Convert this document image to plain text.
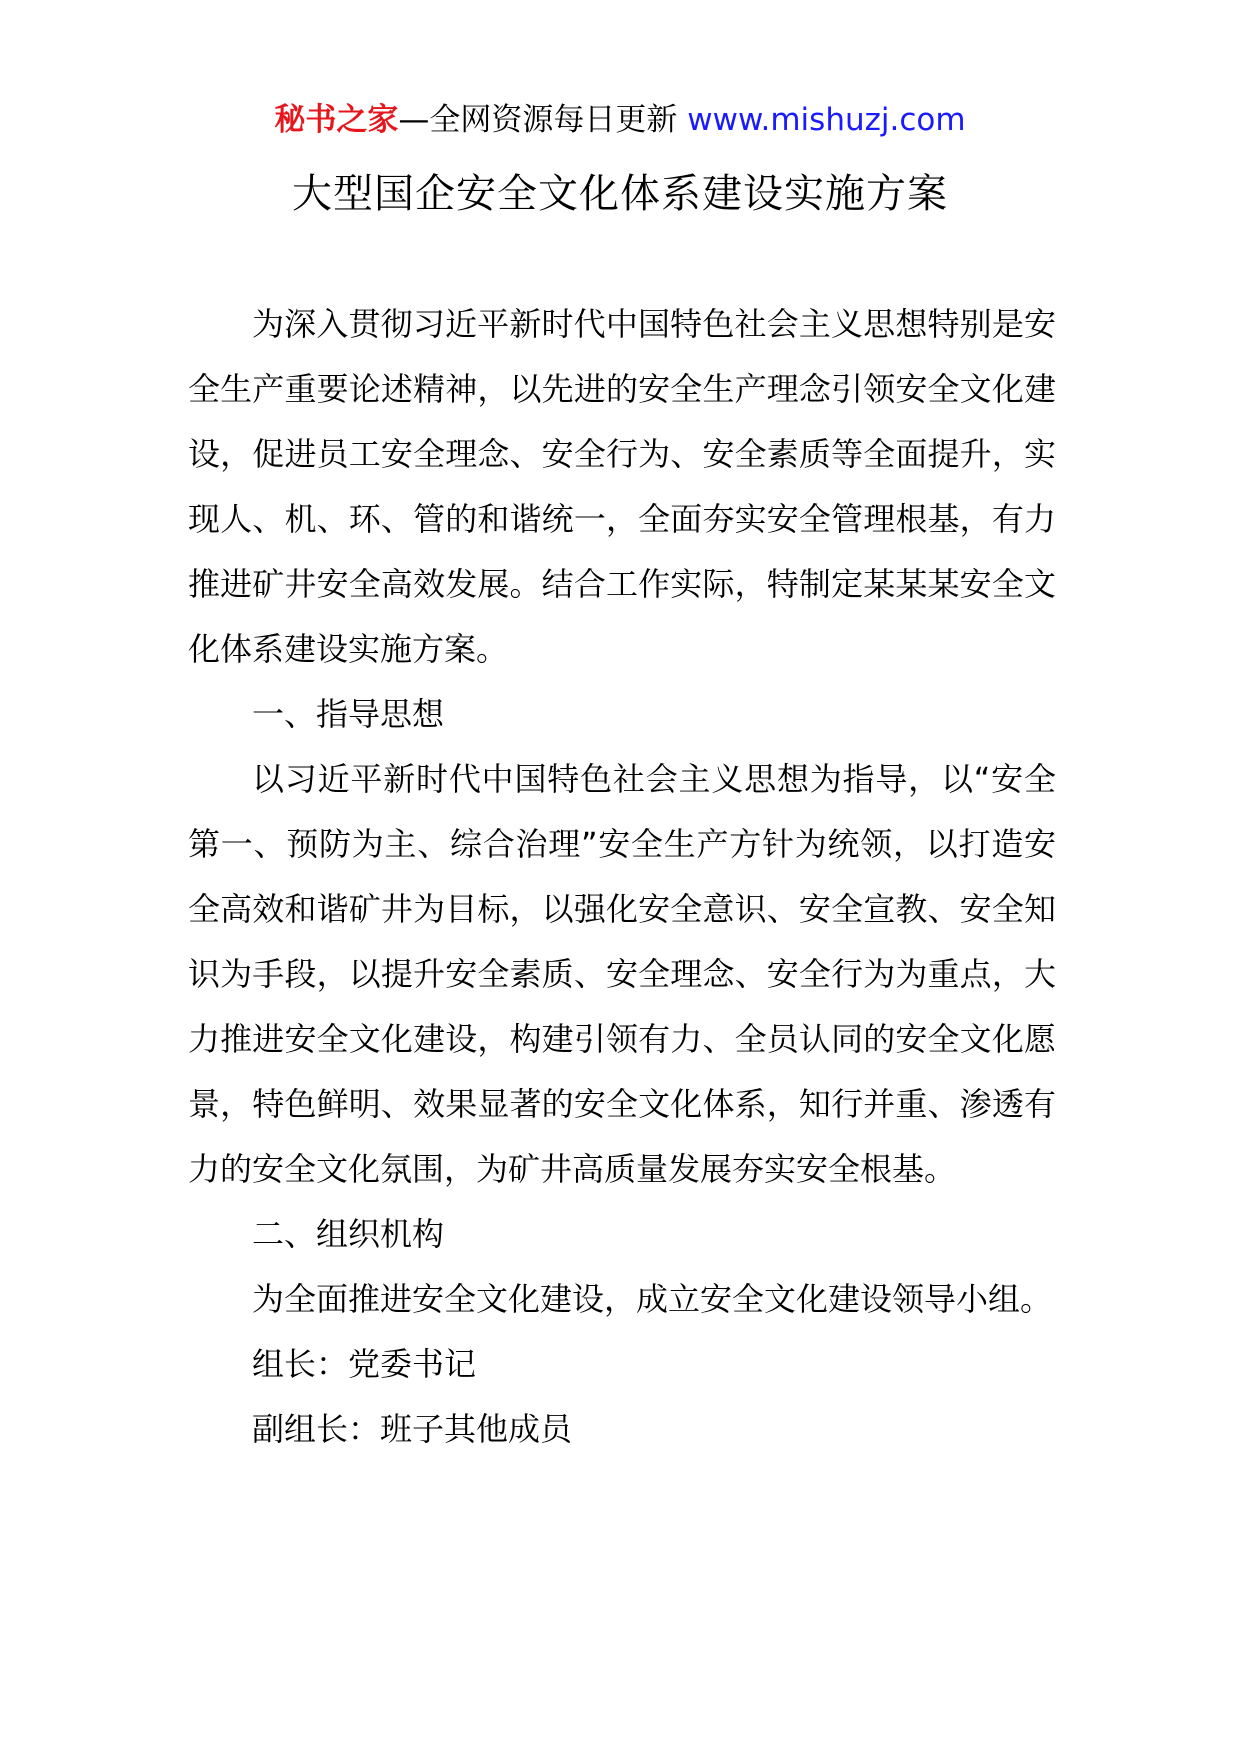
秘书之家—全网资源每日更新 www.mishuzj.com
大型国企安全文化体系建设实施方案

为深入贯彻习近平新时代中国特色社会主义思想特别是安全生产重要论述精神，以先进的安全生产理念引领安全文化建设，促进员工安全理念、安全行为、安全素质等全面提升，实现人、机、环、管的和谐统一，全面夯实安全管理根基，有力推进矿井安全高效发展。结合工作实际，特制定某某某安全文化体系建设实施方案。

一、指导思想

以习近平新时代中国特色社会主义思想为指导，以“安全第一、预防为主、综合治理”安全生产方针为统领，以打造安全高效和谐矿井为目标，以强化安全意识、安全宣教、安全知识为手段，以提升安全素质、安全理念、安全行为为重点，大力推进安全文化建设，构建引领有力、全员认同的安全文化愿景，特色鲜明、效果显著的安全文化体系，知行并重、渗透有力的安全文化氛围，为矿井高质量发展夯实安全根基。

二、组织机构

为全面推进安全文化建设，成立安全文化建设领导小组。

组长：党委书记

副组长：班子其他成员
